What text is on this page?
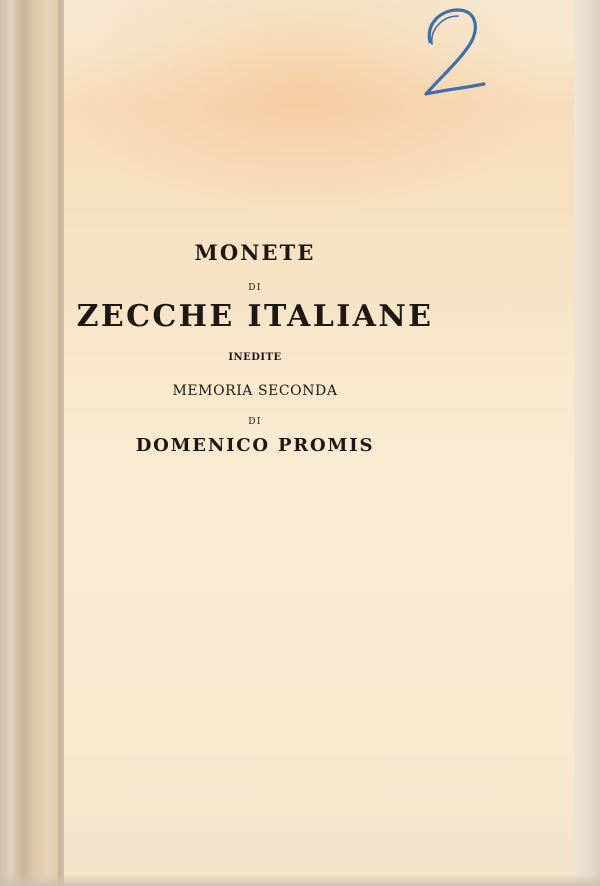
MONETE
DI
ZECCHE ITALIANE
INEDITE
MEMORIA SECONDA
DI
DOMENICO PROMIS
